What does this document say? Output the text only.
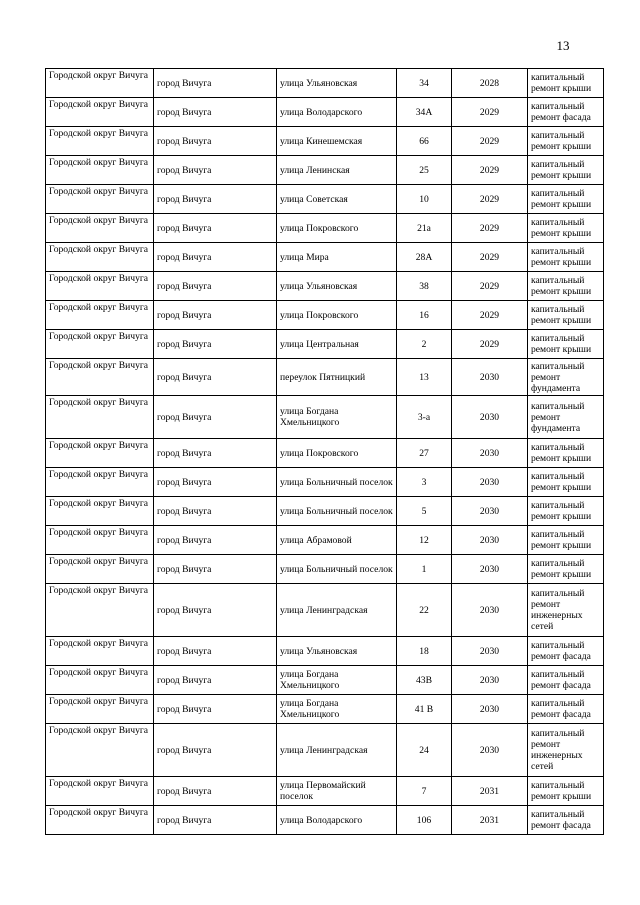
13
Городской округ Вичуга	город Вичуга	улица Ульяновская	34	2028	капитальный ремонт крыши
Городской округ Вичуга	город Вичуга	улица Володарского	34А	2029	капитальный ремонт фасада
Городской округ Вичуга	город Вичуга	улица Кинешемская	66	2029	капитальный ремонт крыши
Городской округ Вичуга	город Вичуга	улица Ленинская	25	2029	капитальный ремонт крыши
Городской округ Вичуга	город Вичуга	улица Советская	10	2029	капитальный ремонт крыши
Городской округ Вичуга	город Вичуга	улица Покровского	21а	2029	капитальный ремонт крыши
Городской округ Вичуга	город Вичуга	улица Мира	28А	2029	капитальный ремонт крыши
Городской округ Вичуга	город Вичуга	улица Ульяновская	38	2029	капитальный ремонт крыши
Городской округ Вичуга	город Вичуга	улица Покровского	16	2029	капитальный ремонт крыши
Городской округ Вичуга	город Вичуга	улица Центральная	2	2029	капитальный ремонт крыши
Городской округ Вичуга	город Вичуга	переулок Пятницкий	13	2030	капитальный ремонт фундамента
Городской округ Вичуга	город Вичуга	улица Богдана Хмельницкого	3-а	2030	капитальный ремонт фундамента
Городской округ Вичуга	город Вичуга	улица Покровского	27	2030	капитальный ремонт крыши
Городской округ Вичуга	город Вичуга	улица Больничный поселок	3	2030	капитальный ремонт крыши
Городской округ Вичуга	город Вичуга	улица Больничный поселок	5	2030	капитальный ремонт крыши
Городской округ Вичуга	город Вичуга	улица Абрамовой	12	2030	капитальный ремонт крыши
Городской округ Вичуга	город Вичуга	улица Больничный поселок	1	2030	капитальный ремонт крыши
Городской округ Вичуга	город Вичуга	улица Ленинградская	22	2030	капитальный ремонт инженерных сетей
Городской округ Вичуга	город Вичуга	улица Ульяновская	18	2030	капитальный ремонт фасада
Городской округ Вичуга	город Вичуга	улица Богдана Хмельницкого	43В	2030	капитальный ремонт фасада
Городской округ Вичуга	город Вичуга	улица Богдана Хмельницкого	41 В	2030	капитальный ремонт фасада
Городской округ Вичуга	город Вичуга	улица Ленинградская	24	2030	капитальный ремонт инженерных сетей
Городской округ Вичуга	город Вичуга	улица Первомайский поселок	7	2031	капитальный ремонт крыши
Городской округ Вичуга	город Вичуга	улица Володарского	106	2031	капитальный ремонт фасада
